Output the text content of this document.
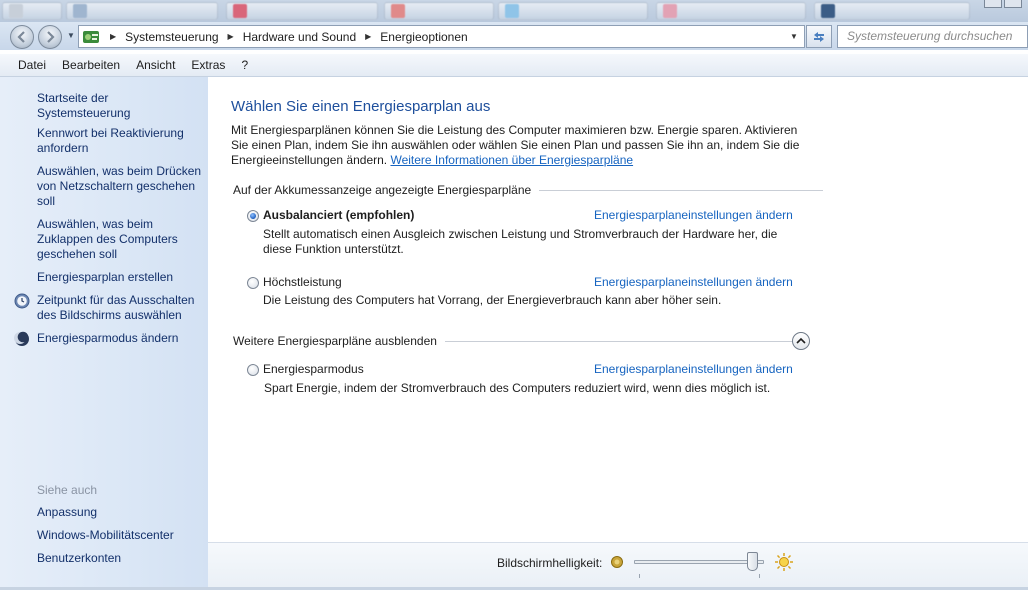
▼	▶ Systemsteuerung ▶ Hardware und Sound ▶ Energieoptionen	▼	Systemsteuerung durchsuchen
Datei	Bearbeiten	Ansicht	Extras	?
Startseite der Systemsteuerung
Kennwort bei Reaktivierung anfordern
Auswählen, was beim Drücken von Netzschaltern geschehen soll
Auswählen, was beim Zuklappen des Computers geschehen soll
Energiesparplan erstellen
Zeitpunkt für das Ausschalten des Bildschirms auswählen
Energiesparmodus ändern
Siehe auch
Anpassung
Windows-Mobilitätscenter
Benutzerkonten
Wählen Sie einen Energiesparplan aus
Mit Energiesparplänen können Sie die Leistung des Computer maximieren bzw. Energie sparen. Aktivieren Sie einen Plan, indem Sie ihn auswählen oder wählen Sie einen Plan und passen Sie ihn an, indem Sie die Energieeinstellungen ändern. Weitere Informationen über Energiesparpläne
Auf der Akkumessanzeige angezeigte Energiesparpläne
Ausbalanciert (empfohlen)	Energiesparplaneinstellungen ändern
Stellt automatisch einen Ausgleich zwischen Leistung und Stromverbrauch der Hardware her, die diese Funktion unterstützt.
Höchstleistung	Energiesparplaneinstellungen ändern
Die Leistung des Computers hat Vorrang, der Energieverbrauch kann aber höher sein.
Weitere Energiesparpläne ausblenden
Energiesparmodus	Energiesparplaneinstellungen ändern
Spart Energie, indem der Stromverbrauch des Computers reduziert wird, wenn dies möglich ist.
Bildschirmhelligkeit:
